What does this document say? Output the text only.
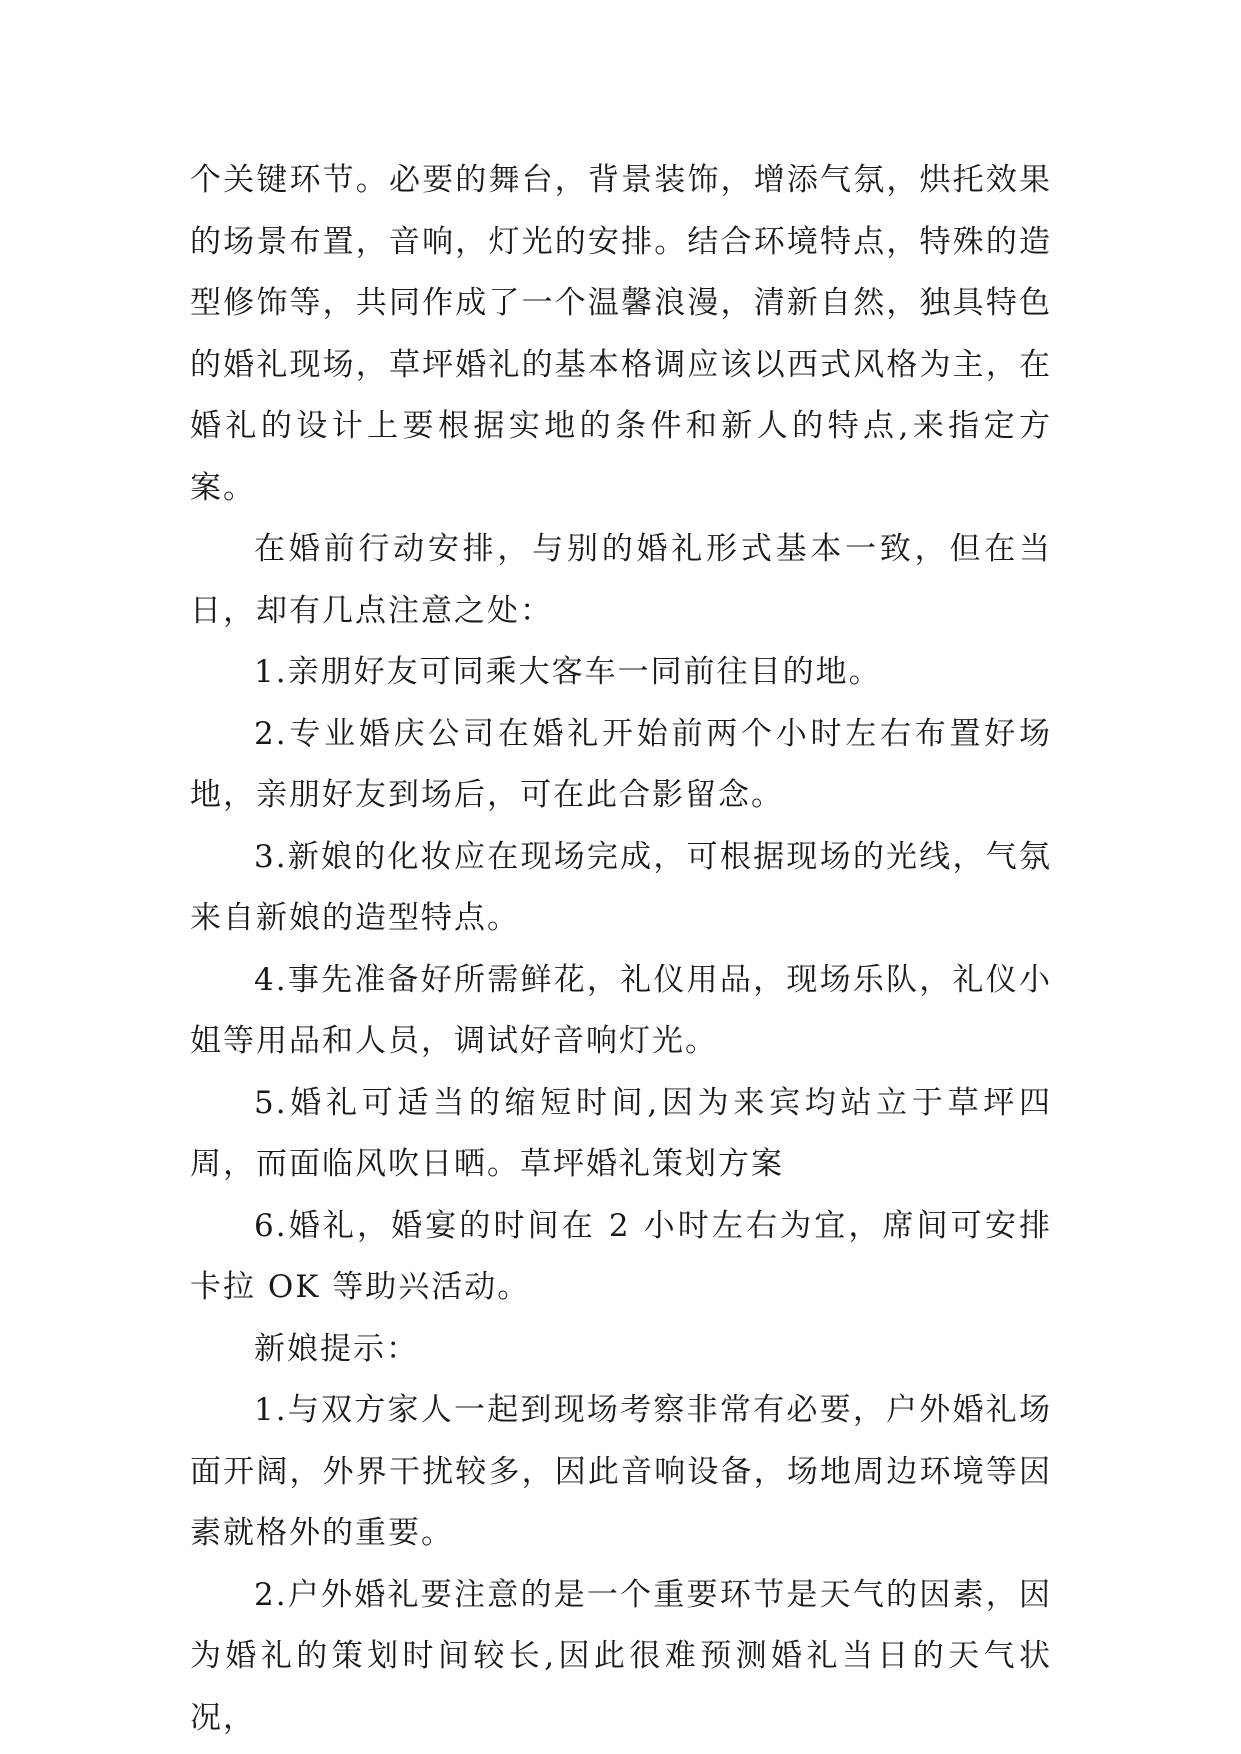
个关键环节。必要的舞台，背景装饰，增添气氛，烘托效果的场景布置，音响，灯光的安排。结合环境特点，特殊的造型修饰等，共同作成了一个温馨浪漫，清新自然，独具特色的婚礼现场，草坪婚礼的基本格调应该以西式风格为主，在婚礼的设计上要根据实地的条件和新人的特点,来指定方案。

在婚前行动安排，与别的婚礼形式基本一致，但在当日，却有几点注意之处：

1.亲朋好友可同乘大客车一同前往目的地。

2.专业婚庆公司在婚礼开始前两个小时左右布置好场地，亲朋好友到场后，可在此合影留念。

3.新娘的化妆应在现场完成，可根据现场的光线，气氛来自新娘的造型特点。

4.事先准备好所需鲜花，礼仪用品，现场乐队，礼仪小姐等用品和人员，调试好音响灯光。

5.婚礼可适当的缩短时间,因为来宾均站立于草坪四周，而面临风吹日晒。草坪婚礼策划方案

6.婚礼，婚宴的时间在 2 小时左右为宜，席间可安排卡拉 OK 等助兴活动。

新娘提示：

1.与双方家人一起到现场考察非常有必要，户外婚礼场面开阔，外界干扰较多，因此音响设备，场地周边环境等因素就格外的重要。

2.户外婚礼要注意的是一个重要环节是天气的因素，因为婚礼的策划时间较长,因此很难预测婚礼当日的天气状况，
